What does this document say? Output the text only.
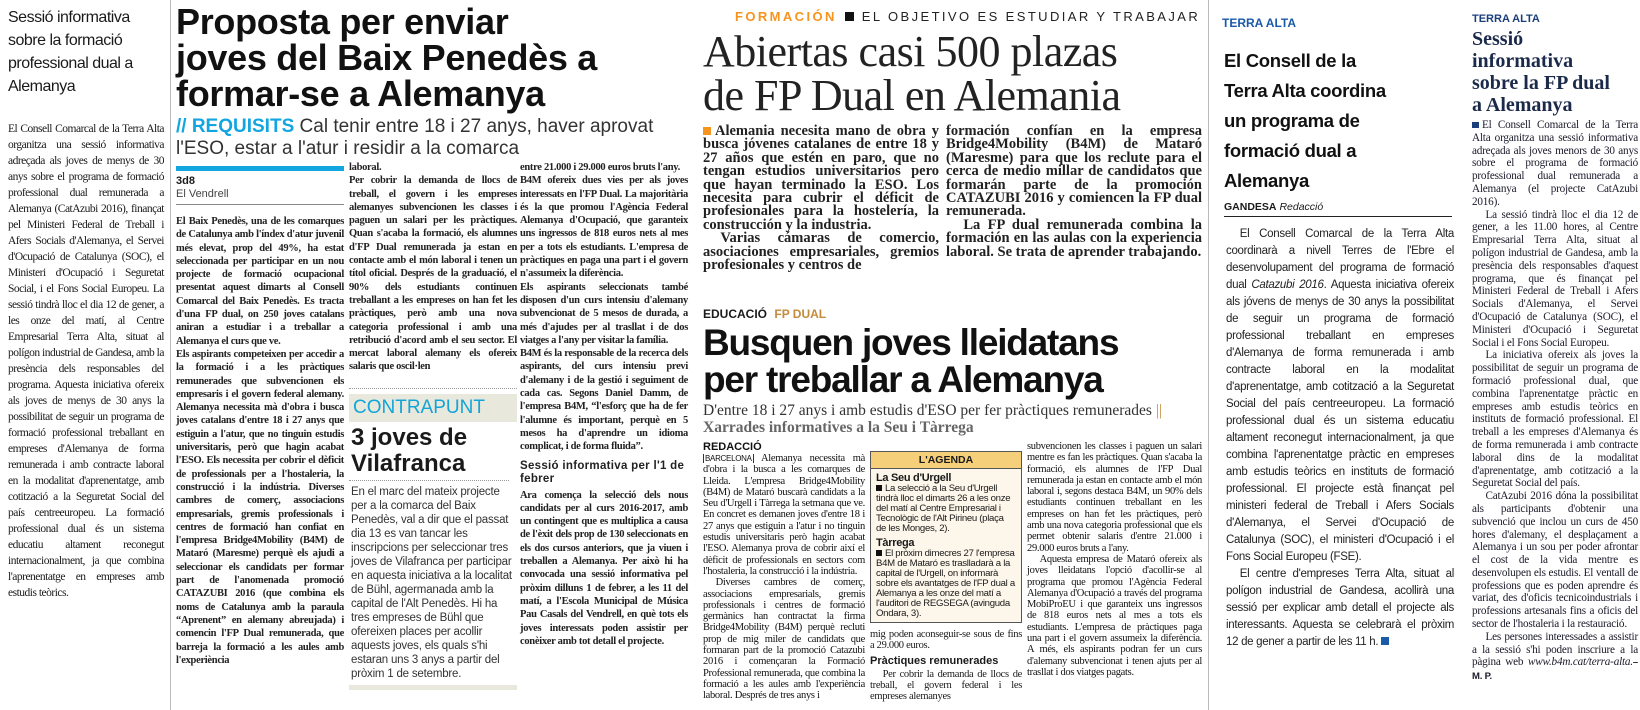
Sessió informativa
sobre la formació
professional dual a
Alemanya

El Consell Comarcal de la Terra Alta organitza una sessió informativa adreçada als joves de menys de 30 anys sobre el programa de formació professional dual remunerada a Alemanya (CatAzubi 2016), finançat pel Ministeri Federal de Treball i Afers Socials d'Alemanya, el Servei d'Ocupació de Catalunya (SOC), el Ministeri d'Ocupació i Seguretat Social, i el Fons Social Europeu. La sessió tindrà lloc el dia 12 de gener, a les onze del matí, al Centre Empresarial Terra Alta, situat al polígon industrial de Gandesa, amb la presència dels responsables del programa. Aquesta iniciativa ofereix als joves de menys de 30 anys la possibilitat de seguir un programa de formació professional treballant en empreses d'Alemanya de forma remunerada i amb contracte laboral en la modalitat d'aprenentatge, amb cotització a la Seguretat Social del país centreeuropeu. La formació professional dual és un sistema educatiu altament reconegut internacionalment, ja que combina l'aprenentatge en empreses amb estudis teòrics.

Proposta per enviar
joves del Baix Penedès a
formar-se a Alemanya

// REQUISITS Cal tenir entre 18 i 27 anys, haver aprovat l'ESO, estar a l'atur i residir a la comarca

3d8
El Vendrell

El Baix Penedès, una de les comarques de Catalunya amb l'índex d'atur juvenil més elevat, prop del 49%, ha estat seleccionada per participar en un nou projecte de formació ocupacional presentat aquest dimarts al Consell Comarcal del Baix Penedès. Es tracta d'una FP dual, on 250 joves catalans aniran a estudiar i a treballar a Alemanya el curs que ve.

Els aspirants competeixen per accedir a la formació i a les pràctiques remunerades que subvencionen els empresaris i el govern federal alemany. Alemanya necessita mà d'obra i busca joves catalans d'entre 18 i 27 anys que estiguin a l'atur, que no tinguin estudis universitaris, però que hagin acabat l'ESO. Els necessita per cobrir el dèficit de professionals per a l'hostaleria, la construcció i la indústria. Diverses cambres de comerç, associacions empresarials, gremis professionals i centres de formació han confiat en l'empresa Bridge4Mobility (B4M) de Mataró (Maresme) perquè els ajudi a seleccionar els candidats per formar part de l'anomenada promoció CATAZUBI 2016 (que combina els noms de Catalunya amb la paraula “Aprenent” en alemany abreujada) i comencin l'FP Dual remunerada, que barreja la formació a les aules amb l'experiència

laboral.

Per cobrir la demanda de llocs de treball, el govern i les empreses alemanyes subvencionen les classes i paguen un salari per les pràctiques. Quan s'acaba la formació, els alumnes d'FP Dual remunerada ja estan en contacte amb el món laboral i tenen un títol oficial. Després de la graduació, el 90% dels estudiants continuen treballant a les empreses on han fet les pràctiques, però amb una nova categoria professional i amb una retribució d'acord amb el seu sector. El mercat laboral alemany els ofereix salaris que oscil·len

CONTRAPUNT
3 joves de Vilafranca

En el marc del mateix projecte per a la comarca del Baix Penedès, val a dir que el passat dia 13 es van tancar les inscripcions per seleccionar tres joves de Vilafranca per participar en aquesta iniciativa a la localitat de Bühl, agermanada amb la capital de l'Alt Penedès. Hi ha tres empreses de Bühl que ofereixen places per acollir aquests joves, els quals s'hi estaran uns 3 anys a partir del pròxim 1 de setembre.

entre 21.000 i 29.000 euros bruts l'any.

B4M ofereix dues vies per als joves interessats en l'FP Dual. La majoritària és la que promou l'Agència Federal Alemanya d'Ocupació, que garanteix uns ingressos de 818 euros nets al mes per a tots els estudiants. L'empresa de pràctiques en paga una part i el govern n'assumeix la diferència.

Els aspirants seleccionats també disposen d'un curs intensiu d'alemany subvencionat de 5 mesos de durada, a més d'ajudes per al trasllat i de dos viatges a l'any per visitar la família.

B4M és la responsable de la recerca dels aspirants, del curs intensiu previ d'alemany i de la gestió i seguiment de cada cas. Segons Daniel Damm, de l'empresa B4M, “l'esforç que ha de fer l'alumne és important, perquè en 5 mesos ha d'aprendre un idioma complicat, i de forma fluida”.

Sessió informativa per l'1 de febrer

Ara comença la selecció dels nous candidats per al curs 2016-2017, amb un contingent que es multiplica a causa de l'èxit dels prop de 130 seleccionats en els dos cursos anteriors, que ja viuen i treballen a Alemanya. Per això hi ha convocada una sessió informativa pel pròxim dilluns 1 de febrer, a les 11 del matí, a l'Escola Municipal de Música Pau Casals del Vendrell, en què tots els joves interessats poden assistir per conèixer amb tot detall el projecte.

FORMACIÓN EL OBJETIVO ES ESTUDIAR Y TRABAJAR
Abiertas casi 500 plazas
de FP Dual en Alemania

Alemania necesita mano de obra y busca jóvenes catalanes de entre 18 y 27 años que estén en paro, que no tengan estudios universitarios pero que hayan terminado la ESO. Los necesita para cubrir el déficit de profesionales para la hostelería, la construcción y la industria.

Varias cámaras de comercio, asociaciones empresariales, gremios profesionales y centros de

formación confían en la empresa Bridge4Mobility (B4M) de Mataró (Maresme) para que los reclute para el cerca de medio millar de candidatos que formarán parte de la promoción CATAZUBI 2016 y comiencen la FP dual remunerada.

La FP dual remunerada combina la formación en las aulas con la experiencia laboral. Se trata de aprender trabajando.

EDUCACIÓ FP DUAL
Busquen joves lleidatans
per treballar a Alemanya

D'entre 18 i 27 anys i amb estudis d'ESO per fer pràctiques remunerades || Xarrades informatives a la Seu i Tàrrega

REDACCIÓ

BARCELONA Alemanya necessita mà d'obra i la busca a les comarques de Lleida. L'empresa Bridge4Mobility (B4M) de Mataró buscarà candidats a la Seu d'Urgell i Tàrrega la setmana que ve. En concret es demanen joves d'entre 18 i 27 anys que estiguin a l'atur i no tinguin estudis universitaris però hagin acabat l'ESO. Alemanya prova de cobrir així el dèficit de professionals en sectors com l'hostaleria, la construcció i la indústria.

Diverses cambres de comerç, associacions empresarials, gremis professionals i centres de formació germànics han contractat la firma Bridge4Mobility (B4M) perquè recluti prop de mig miler de candidats que formaran part de la promoció Catazubi 2016 i començaran la Formació Professional remunerada, que combina la formació a les aules amb l'experiència laboral. Després de tres anys i

L'AGENDA
La Seu d'Urgell

La selecció a la Seu d'Urgell tindrà lloc el dimarts 26 a les onze del matí al Centre Empresarial i Tecnològic de l'Alt Pirineu (plaça de les Monges, 2).

Tàrrega

El pròxim dimecres 27 l'empresa B4M de Mataró es traslladarà a la capital de l'Urgell, on informarà sobre els avantatges de l'FP dual a Alemanya a les onze del matí a l'auditori de REGSEGA (avinguda Ondara, 3).

mig poden aconseguir-se sous de fins a 29.000 euros.

Pràctiques remunerades

Per cobrir la demanda de llocs de treball, el govern federal i les empreses alemanyes

subvencionen les classes i paguen un salari mentre es fan les pràctiques. Quan s'acaba la formació, els alumnes de l'FP Dual remunerada ja estan en contacte amb el món laboral i, segons destaca B4M, un 90% dels estudiants continuen treballant en les empreses on han fet les pràctiques, però amb una nova categoria professional que els permet obtenir salaris d'entre 21.000 i 29.000 euros bruts a l'any.

Aquesta empresa de Mataró ofereix als joves lleidatans l'opció d'acollir-se al programa que promou l'Agència Federal Alemanya d'Ocupació a través del programa MobiProEU i que garanteix uns ingressos de 818 euros nets al mes a tots els estudiants. L'empresa de pràctiques paga una part i el govern assumeix la diferència. A més, els aspirants podran fer un curs d'alemany subvencionat i tenen ajuts per al trasllat i dos viatges pagats.

TERRA ALTA
El Consell de la
Terra Alta coordina
un programa de
formació dual a
Alemanya
GANDESA Redacció

El Consell Comarcal de la Terra Alta coordinarà a nivell Terres de l'Ebre el desenvolupament del programa de formació dual Catazubi 2016. Aquesta iniciativa ofereix als jóvens de menys de 30 anys la possibilitat de seguir un programa de formació professional treballant en empreses d'Alemanya de forma remunerada i amb contracte laboral en la modalitat d'aprenentatge, amb cotització a la Seguretat Social del país centreeuropeu. La formació professional dual és un sistema educatiu altament reconegut internacionalment, ja que combina l'aprenentatge pràctic en empreses amb estudis teòrics en instituts de formació professional. El projecte està finançat pel ministeri federal de Treball i Afers Socials d'Alemanya, el Servei d'Ocupació de Catalunya (SOC), el ministeri d'Ocupació i el Fons Social Europeu (FSE).

El centre d'empreses Terra Alta, situat al polígon industrial de Gandesa, acollirà una sessió per explicar amb detall el projecte als interessants. Aquesta se celebrarà el pròxim 12 de gener a partir de les 11 h.

TERRA ALTA
Sessió
informativa
sobre la FP dual
a Alemanya

El Consell Comarcal de la Terra Alta organitza una sessió informativa adreçada als joves menors de 30 anys sobre el programa de formació professional dual remunerada a Alemanya (el projecte CatAzubi 2016).

La sessió tindrà lloc el dia 12 de gener, a les 11.00 hores, al Centre Empresarial Terra Alta, situat al polígon industrial de Gandesa, amb la presència dels responsables d'aquest programa, que és finançat pel Ministeri Federal de Treball i Afers Socials d'Alemanya, el Servei d'Ocupació de Catalunya (SOC), el Ministeri d'Ocupació i Seguretat Social i el Fons Social Europeu.

La iniciativa ofereix als joves la possibilitat de seguir un programa de formació professional dual, que combina l'aprenentatge pràctic en empreses amb estudis teòrics en instituts de formació professional. El treball a les empreses d'Alemanya és de forma remunerada i amb contracte laboral dins de la modalitat d'aprenentatge, amb cotització a la Seguretat Social del país.

CatAzubi 2016 dóna la possibilitat als participants d'obtenir una subvenció que inclou un curs de 450 hores d'alemany, el desplaçament a Alemanya i un sou per poder afrontar el cost de la vida mentre es desenvolupen els estudis. El ventall de professions que es poden aprendre és variat, des d'oficis tecnicoindustrials i professions artesanals fins a oficis del sector de l'hostaleria i la restauració.

Les persones interessades a assistir a la sessió s'hi poden inscriure a la pàgina web www.b4m.cat/terra-alta.–M. P.
